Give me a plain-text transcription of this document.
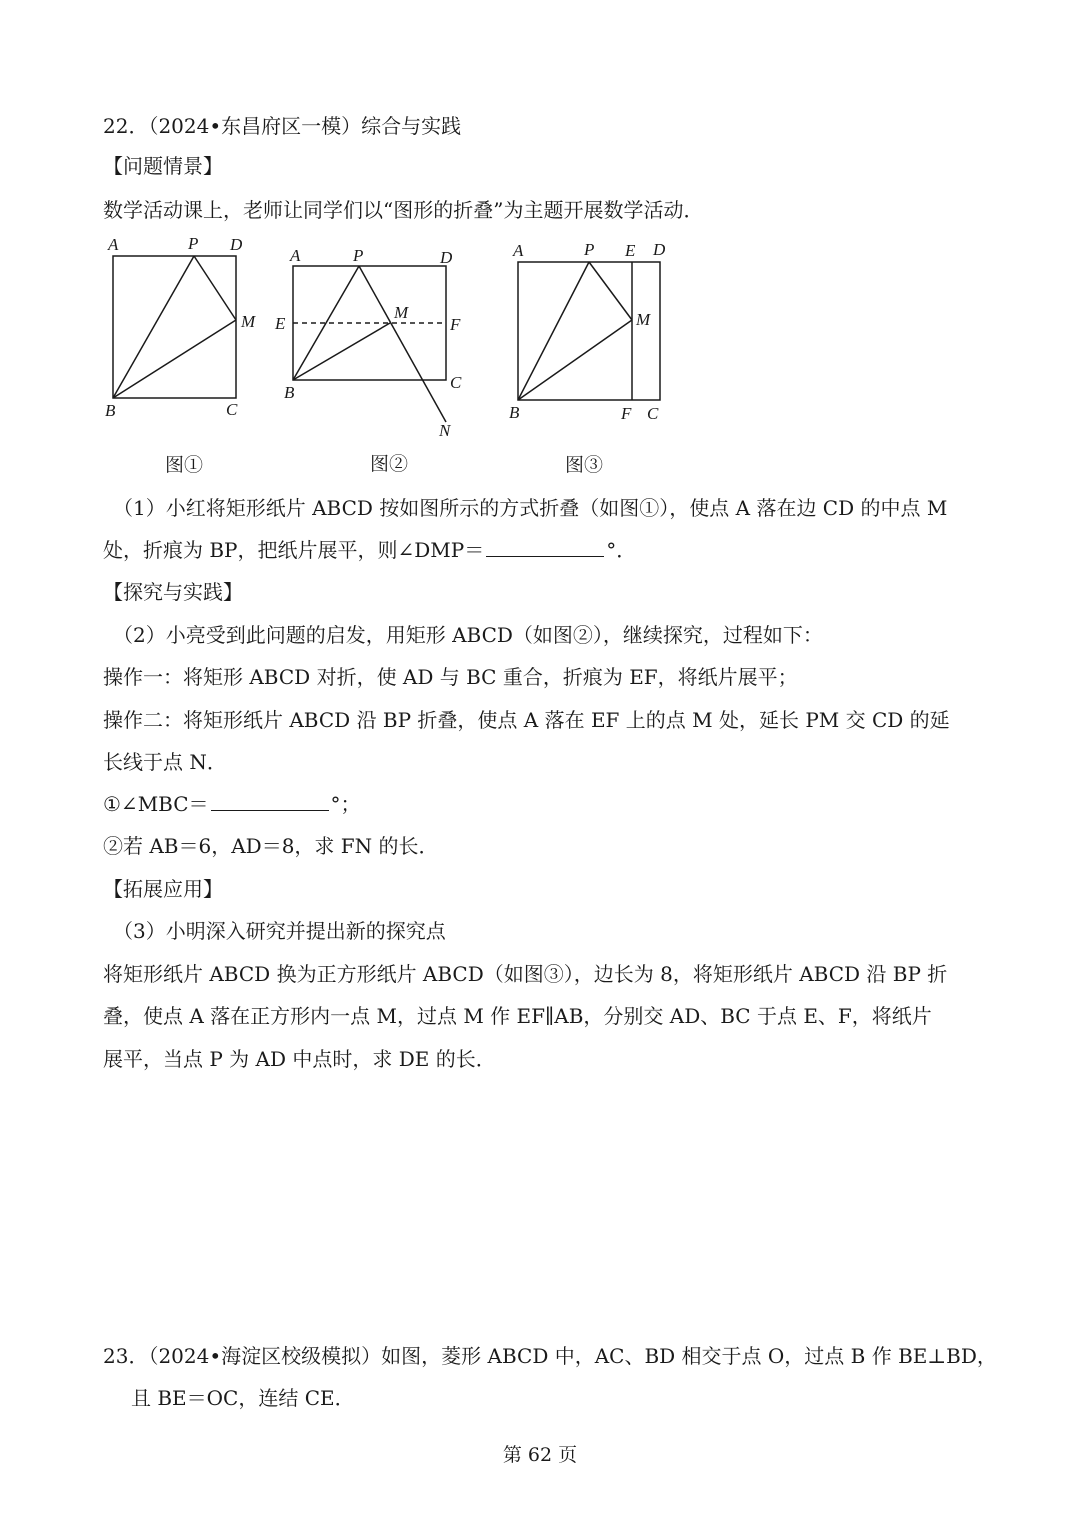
22．（2024•东昌府区一模）综合与实践
【问题情景】
数学活动课上，老师让同学们以“图形的折叠”为主题开展数学活动．
A	P D
M
B	C
图①
A	P	D
M
E	F
B
C
N
图②
A	P E D
M
B	F C
图③
（1）小红将矩形纸片 ABCD 按如图所示的方式折叠（如图①），使点 A 落在边 CD 的中点 M
处，折痕为 BP，把纸片展平，则∠DMP＝	°．
【探究与实践】
（2）小亮受到此问题的启发，用矩形 ABCD（如图②），继续探究，过程如下：
操作一：将矩形 ABCD 对折，使 AD 与 BC 重合，折痕为 EF，将纸片展平；
操作二：将矩形纸片 ABCD 沿 BP 折叠，使点 A 落在 EF 上的点 M 处，延长 PM 交 CD 的延
长线于点 N．
①∠MBC＝	°；
②若 AB＝6，AD＝8，求 FN 的长．
【拓展应用】
（3）小明深入研究并提出新的探究点
将矩形纸片 ABCD 换为正方形纸片 ABCD（如图③），边长为 8，将矩形纸片 ABCD 沿 BP 折
叠，使点 A 落在正方形内一点 M，过点 M 作 EF∥AB，分别交 AD、BC 于点 E、F，将纸片
展平，当点 P 为 AD 中点时，求 DE 的长．
23．（2024•海淀区校级模拟）如图，菱形 ABCD 中，AC、BD 相交于点 O，过点 B 作 BE⊥BD，
且 BE＝OC，连结 CE．
第 62 页
